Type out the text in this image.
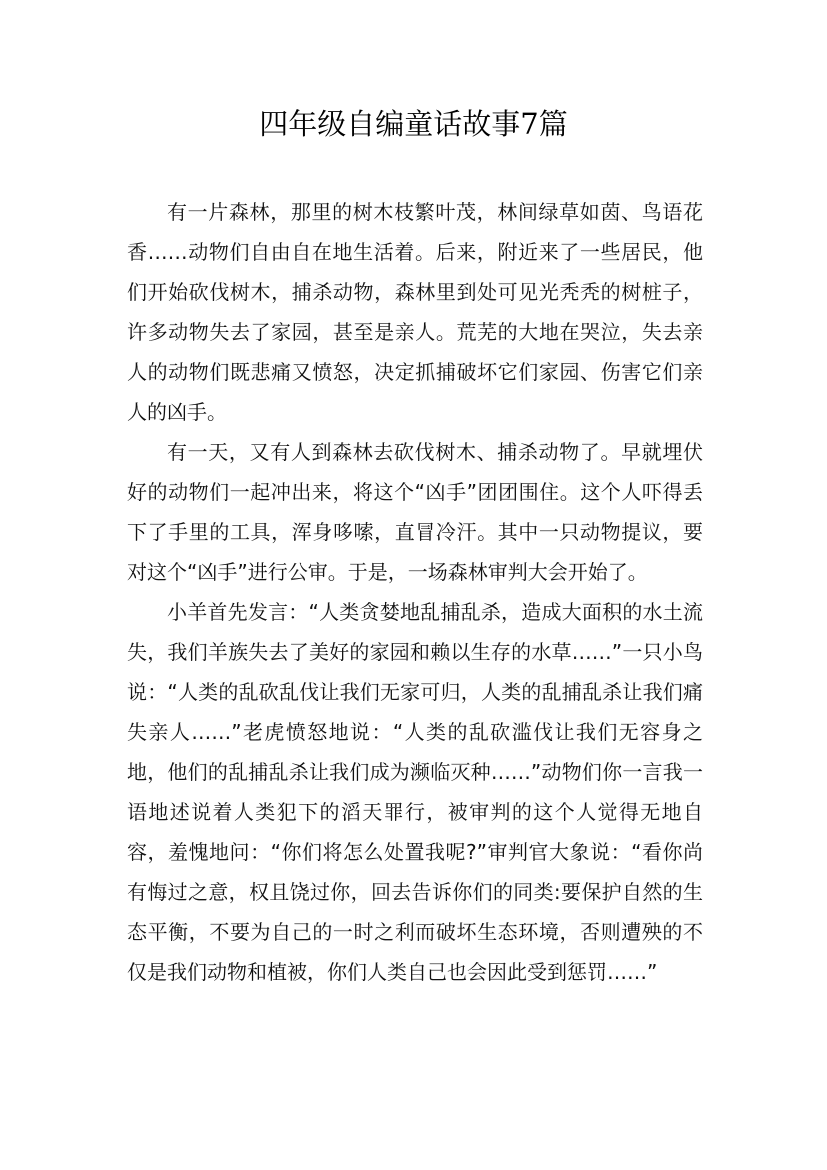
四年级自编童话故事7篇

有一片森林，那里的树木枝繁叶茂，林间绿草如茵、鸟语花香……动物们自由自在地生活着。后来，附近来了一些居民，他们开始砍伐树木，捕杀动物，森林里到处可见光秃秃的树桩子，许多动物失去了家园，甚至是亲人。荒芜的大地在哭泣，失去亲人的动物们既悲痛又愤怒，决定抓捕破坏它们家园、伤害它们亲人的凶手。

有一天，又有人到森林去砍伐树木、捕杀动物了。早就埋伏好的动物们一起冲出来，将这个“凶手”团团围住。这个人吓得丢下了手里的工具，浑身哆嗦，直冒冷汗。其中一只动物提议，要对这个“凶手”进行公审。于是，一场森林审判大会开始了。

小羊首先发言：“人类贪婪地乱捕乱杀，造成大面积的水土流失，我们羊族失去了美好的家园和赖以生存的水草……”一只小鸟说：“人类的乱砍乱伐让我们无家可归，人类的乱捕乱杀让我们痛失亲人……”老虎愤怒地说：“人类的乱砍滥伐让我们无容身之地，他们的乱捕乱杀让我们成为濒临灭种……”动物们你一言我一语地述说着人类犯下的滔天罪行，被审判的这个人觉得无地自容，羞愧地问：“你们将怎么处置我呢?”审判官大象说：“看你尚有悔过之意，权且饶过你，回去告诉你们的同类:要保护自然的生态平衡，不要为自己的一时之利而破坏生态环境，否则遭殃的不仅是我们动物和植被，你们人类自己也会因此受到惩罚……”
